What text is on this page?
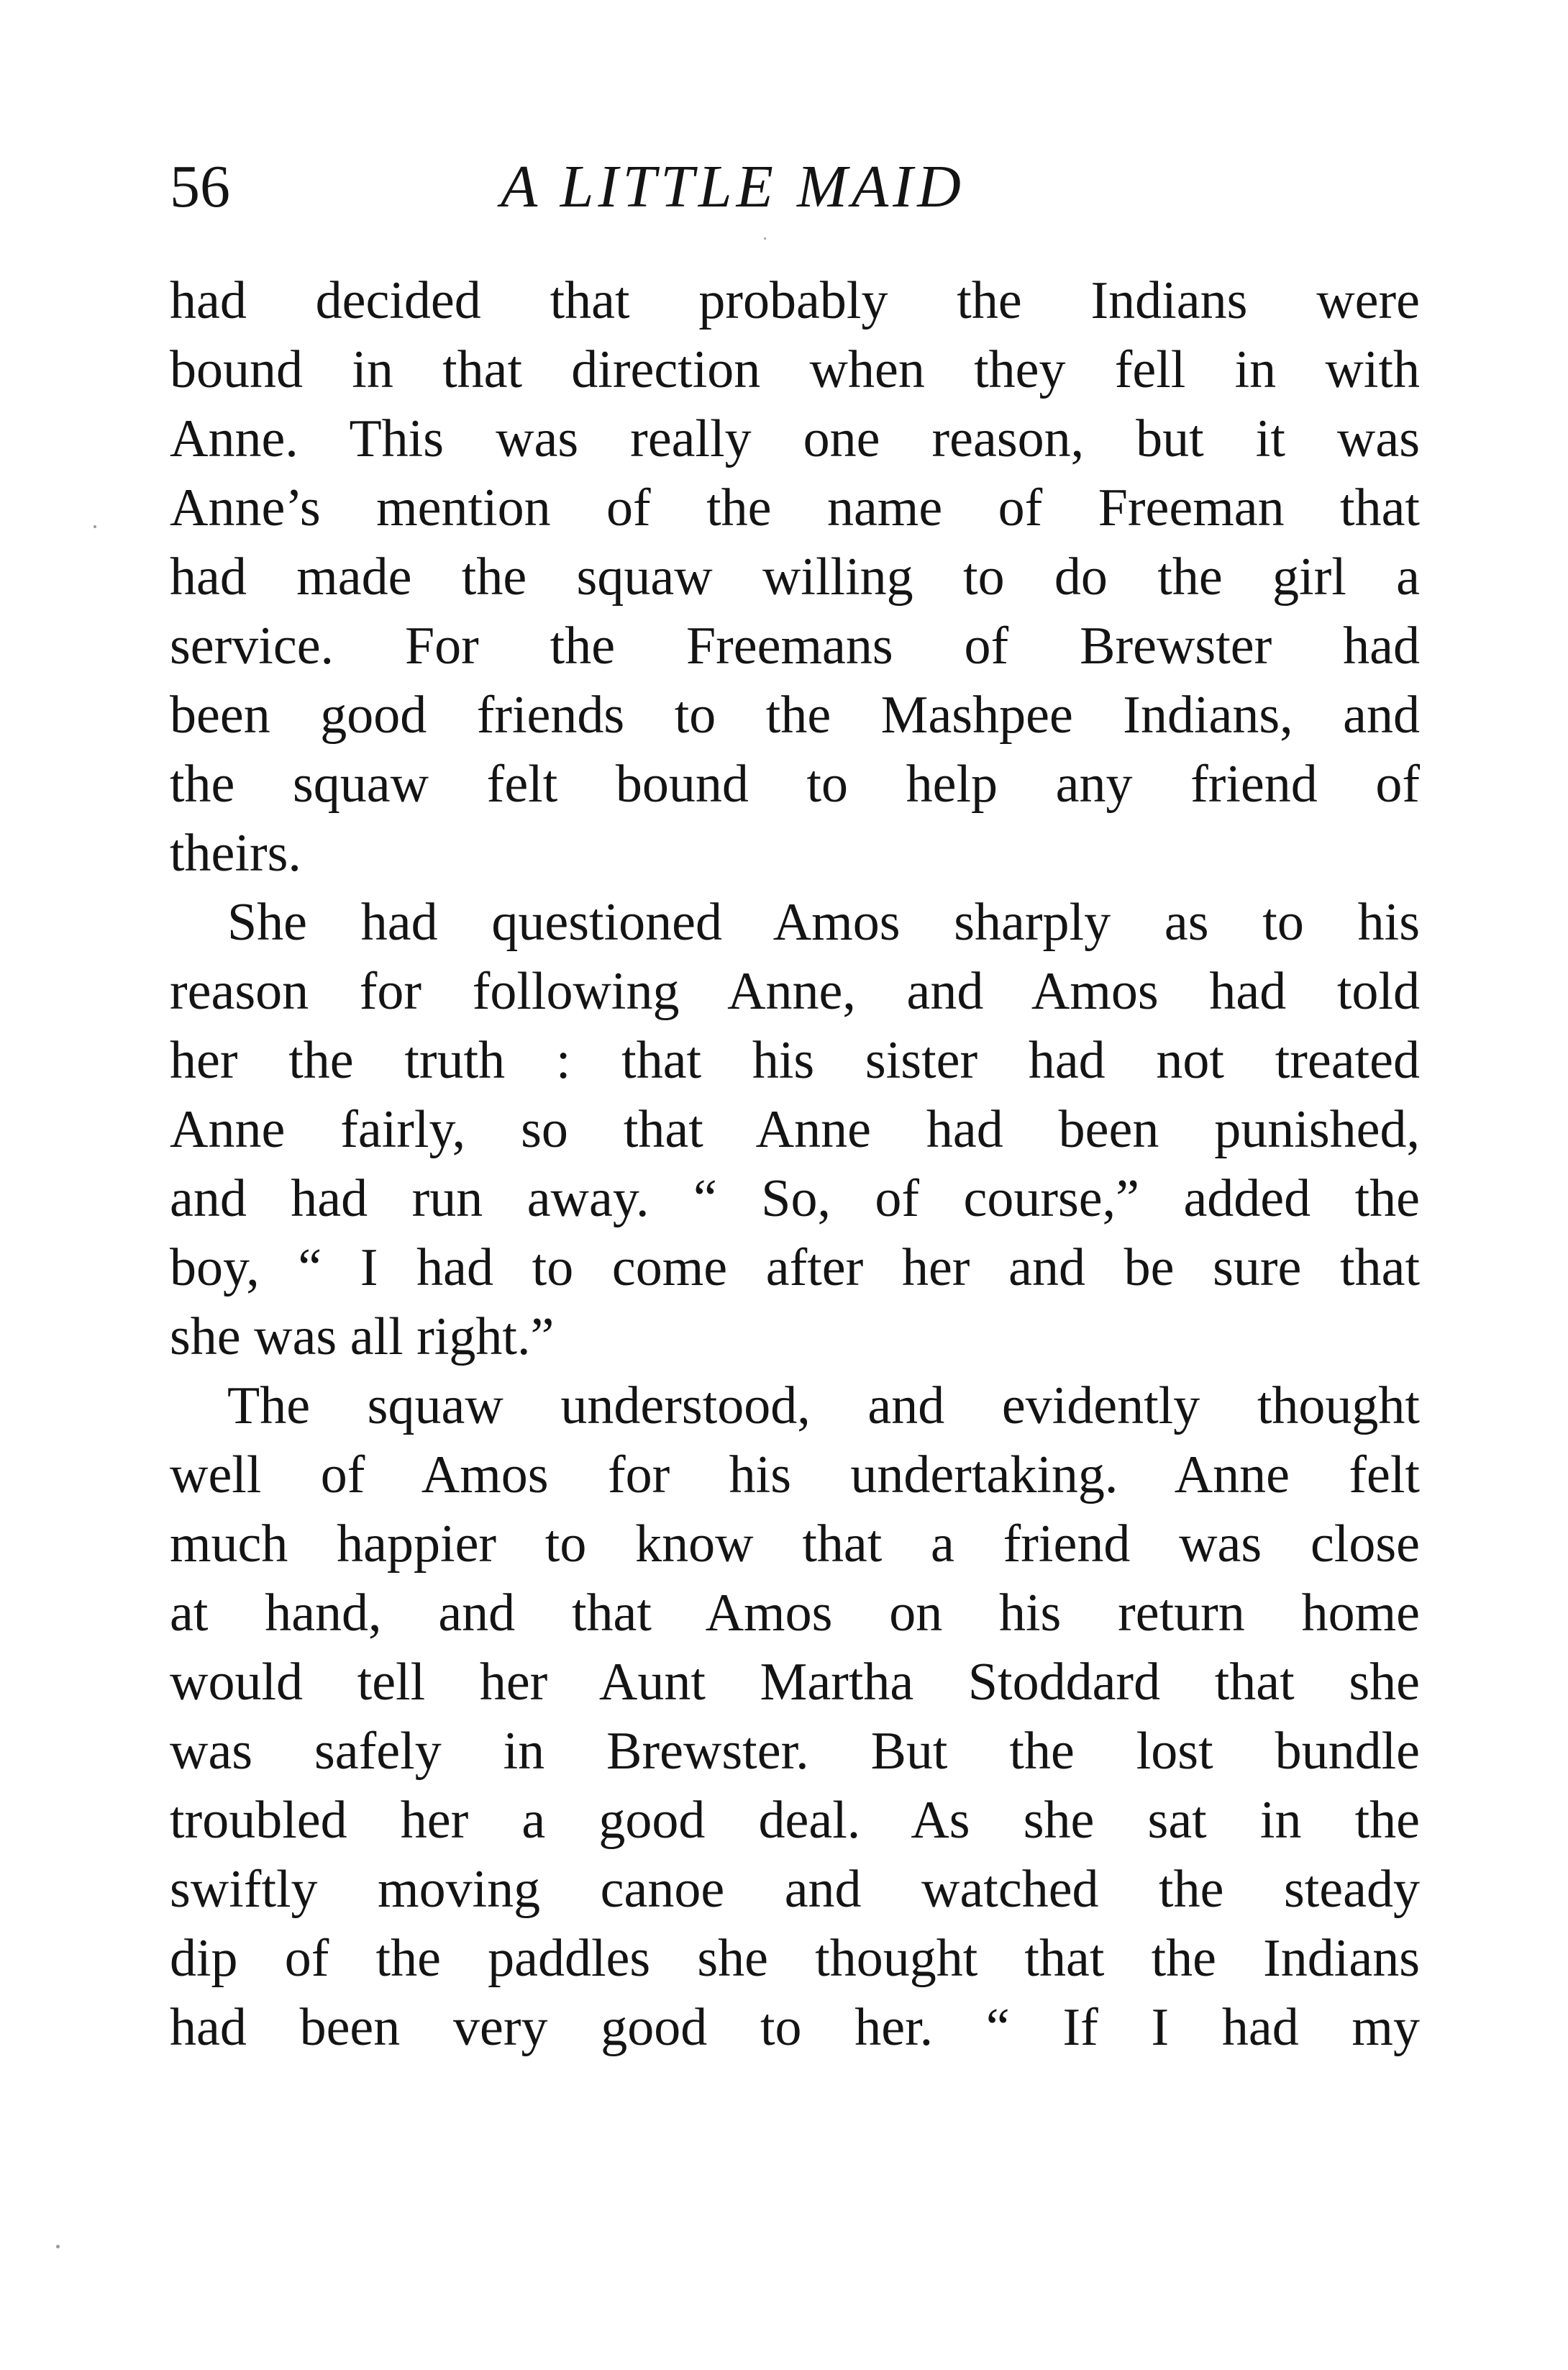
56	A LITTLE MAID
had decided that probably the Indians were
bound in that direction when they fell in with
Anne. This was really one reason, but it was
Anne’s mention of the name of Freeman that
had made the squaw willing to do the girl a
service. For the Freemans of Brewster had
been good friends to the Mashpee Indians, and
the squaw felt bound to help any friend of
theirs.
She had questioned Amos sharply as to his
reason for following Anne, and Amos had told
her the truth : that his sister had not treated
Anne fairly, so that Anne had been punished,
and had run away. “ So, of course,” added the
boy, “ I had to come after her and be sure that
she was all right.”
The squaw understood, and evidently thought
well of Amos for his undertaking. Anne felt
much happier to know that a friend was close
at hand, and that Amos on his return home
would tell her Aunt Martha Stoddard that she
was safely in Brewster. But the lost bundle
troubled her a good deal. As she sat in the
swiftly moving canoe and watched the steady
dip of the paddles she thought that the Indians
had been very good to her. “ If I had my
